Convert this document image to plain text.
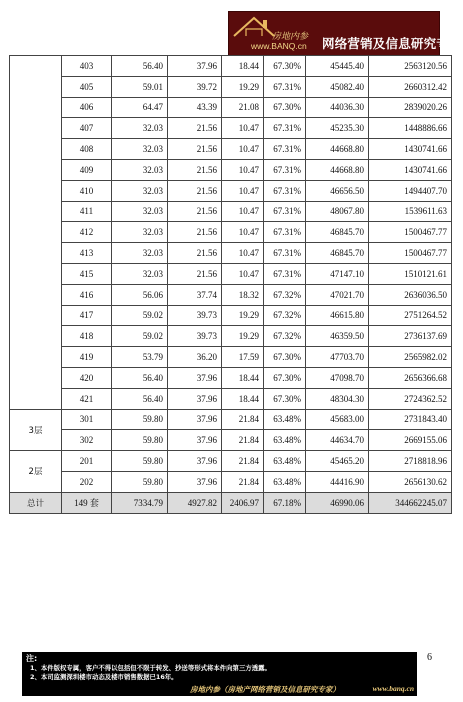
房地内参
www.BANQ.cn 网络营销及信息研究专家
	403	56.40	37.96	18.44	67.30%	45445.40	2563120.56
	405	59.01	39.72	19.29	67.31%	45082.40	2660312.42
	406	64.47	43.39	21.08	67.30%	44036.30	2839020.26
	407	32.03	21.56	10.47	67.31%	45235.30	1448886.66
	408	32.03	21.56	10.47	67.31%	44668.80	1430741.66
	409	32.03	21.56	10.47	67.31%	44668.80	1430741.66
	410	32.03	21.56	10.47	67.31%	46656.50	1494407.70
	411	32.03	21.56	10.47	67.31%	48067.80	1539611.63
	412	32.03	21.56	10.47	67.31%	46845.70	1500467.77
	413	32.03	21.56	10.47	67.31%	46845.70	1500467.77
	415	32.03	21.56	10.47	67.31%	47147.10	1510121.61
	416	56.06	37.74	18.32	67.32%	47021.70	2636036.50
	417	59.02	39.73	19.29	67.32%	46615.80	2751264.52
	418	59.02	39.73	19.29	67.32%	46359.50	2736137.69
	419	53.79	36.20	17.59	67.30%	47703.70	2565982.02
	420	56.40	37.96	18.44	67.30%	47098.70	2656366.68
	421	56.40	37.96	18.44	67.30%	48304.30	2724362.52
3层	301	59.80	37.96	21.84	63.48%	45683.00	2731843.40
	302	59.80	37.96	21.84	63.48%	44634.70	2669155.06
2层	201	59.80	37.96	21.84	63.48%	45465.20	2718818.96
	202	59.80	37.96	21.84	63.48%	44416.90	2656130.62
总计	149 套	7334.79	4927.82	2406.97	67.18%	46990.06	344662245.07
6
注:
1、本件版权专属，客户不得以包括但不限于转发、抄送等形式将本件向第三方透露。
2、本司监测深圳楼市动态及楼市销售数据已16年。
房地内参（房地产网络营销及信息研究专家）	www.banq.cn
